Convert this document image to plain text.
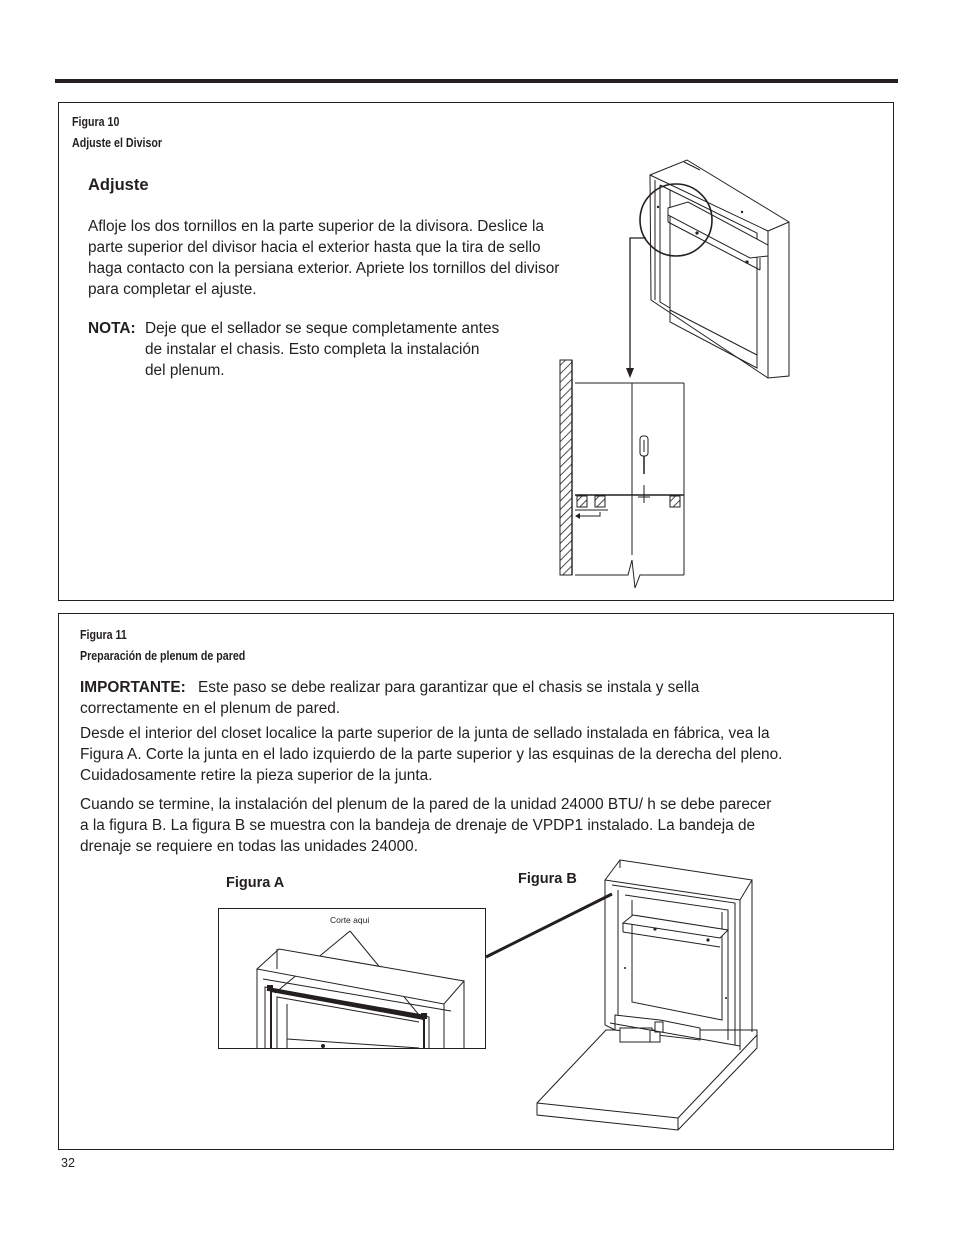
Figura 10
Adjuste el Divisor
Adjuste
Afloje los dos tornillos en la parte superior de la divisora. Deslice la
parte superior del divisor hacia el exterior hasta que la tira de sello
haga contacto con la persiana exterior. Apriete los tornillos del divisor
para completar el ajuste.
NOTA: Deje que el sellador se seque completamente antes
de instalar el chasis. Esto completa la instalación
del plenum.
Figura 11
Preparación de plenum de pared
IMPORTANTE: Este paso se debe realizar para garantizar que el chasis se instala y sella
correctamente en el plenum de pared.
Desde el interior del closet localice la parte superior de la junta de sellado instalada en fábrica, vea la
Figura A. Corte la junta en el lado izquierdo de la parte superior y las esquinas de la derecha del pleno.
Cuidadosamente retire la pieza superior de la junta.
Cuando se termine, la instalación del plenum de la pared de la unidad 24000 BTU/ h se debe parecer
a la figura B. La figura B se muestra con la bandeja de drenaje de VPDP1 instalado. La bandeja de
drenaje se requiere en todas las unidades 24000.
Figura A	Figura B
Corte aqui
32
